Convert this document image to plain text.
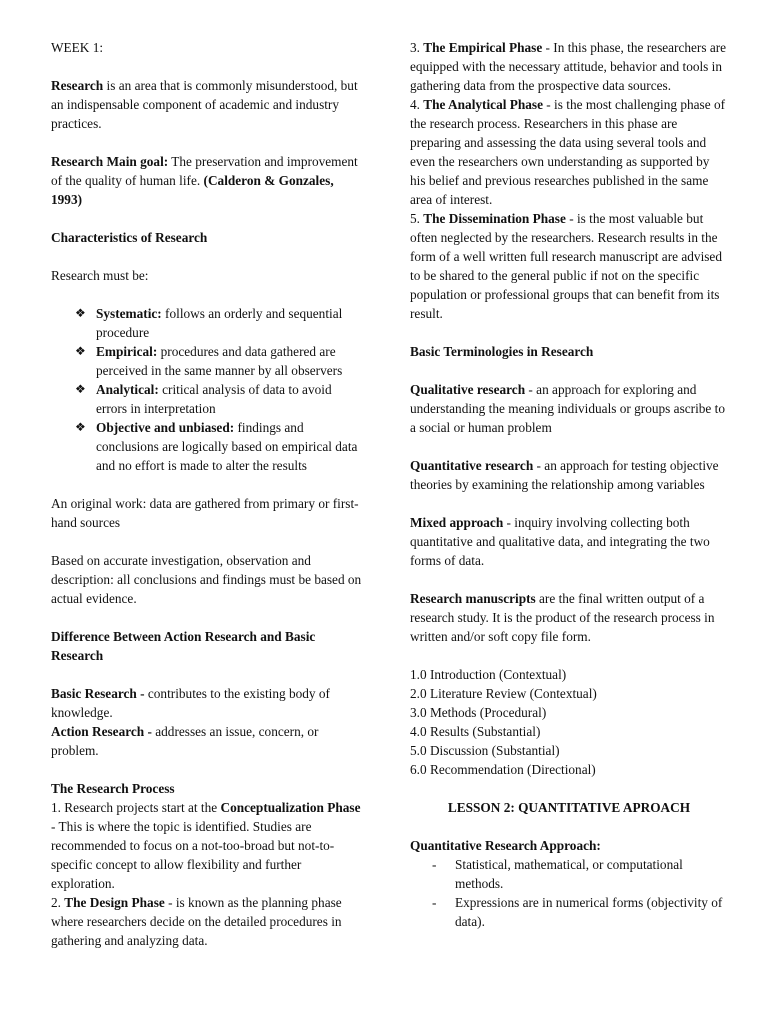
WEEK 1:

Research is an area that is commonly misunderstood, but an indispensable component of academic and industry practices.

Research Main goal: The preservation and improvement of the quality of human life. (Calderon & Gonzales, 1993)

Characteristics of Research

Research must be:

❖ Systematic: follows an orderly and sequential procedure
❖ Empirical: procedures and data gathered are perceived in the same manner by all observers
❖ Analytical: critical analysis of data to avoid errors in interpretation
❖ Objective and unbiased: findings and conclusions are logically based on empirical data and no effort is made to alter the results

An original work: data are gathered from primary or first-hand sources

Based on accurate investigation, observation and description: all conclusions and findings must be based on actual evidence.

Difference Between Action Research and Basic Research

Basic Research - contributes to the existing body of knowledge.

Action Research - addresses an issue, concern, or problem.

The Research Process

1. Research projects start at the Conceptualization Phase - This is where the topic is identified. Studies are recommended to focus on a not-too-broad but not-to-specific concept to allow flexibility and further exploration.

2. The Design Phase - is known as the planning phase where researchers decide on the detailed procedures in gathering and analyzing data.

3. The Empirical Phase - In this phase, the researchers are equipped with the necessary attitude, behavior and tools in gathering data from the prospective data sources.

4. The Analytical Phase - is the most challenging phase of the research process. Researchers in this phase are preparing and assessing the data using several tools and even the researchers own understanding as supported by his belief and previous researches published in the same area of interest.

5. The Dissemination Phase - is the most valuable but often neglected by the researchers. Research results in the form of a well written full research manuscript are advised to be shared to the general public if not on the specific population or professional groups that can benefit from its result.

Basic Terminologies in Research

Qualitative research - an approach for exploring and understanding the meaning individuals or groups ascribe to a social or human problem

Quantitative research - an approach for testing objective theories by examining the relationship among variables

Mixed approach - inquiry involving collecting both quantitative and qualitative data, and integrating the two forms of data.

Research manuscripts are the final written output of a research study. It is the product of the research process in written and/or soft copy file form.

1.0 Introduction (Contextual)
2.0 Literature Review (Contextual)
3.0 Methods (Procedural)
4.0 Results (Substantial)
5.0 Discussion (Substantial)
6.0 Recommendation (Directional)

LESSON 2: QUANTITATIVE APROACH

Quantitative Research Approach:

- Statistical, mathematical, or computational methods.
- Expressions are in numerical forms (objectivity of data).
